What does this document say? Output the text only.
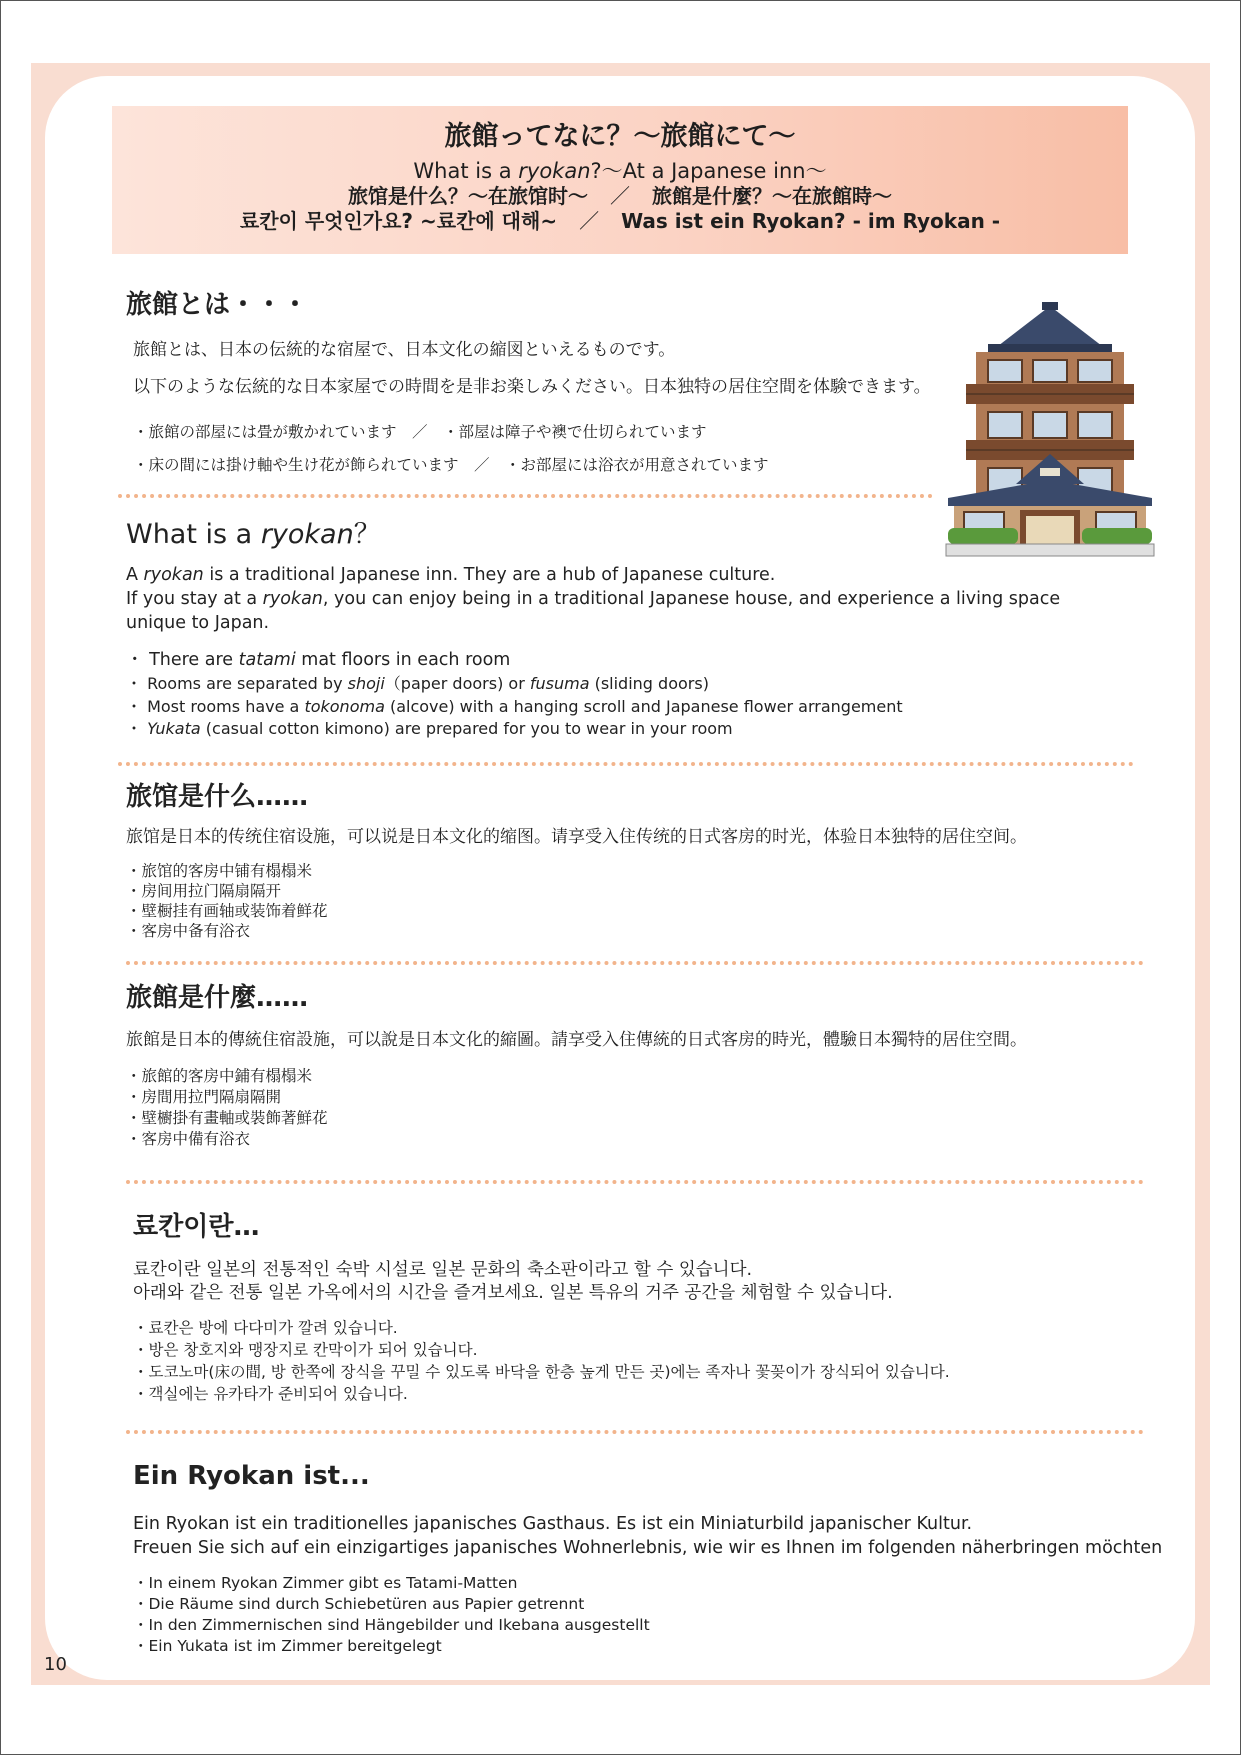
旅館ってなに？～旅館にて～
What is a ryokan?～At a Japanese inn～
旅馆是什么？～在旅馆时～ ／ 旅館是什麼？～在旅館時～
료칸이 무엇인가요? ~료칸에 대해~ ／ Was ist ein Ryokan? - im Ryokan -
旅館とは・・・
旅館とは、日本の伝統的な宿屋で、日本文化の縮図といえるものです。
以下のような伝統的な日本家屋での時間を是非お楽しみください。日本独特の居住空間を体験できます。
・旅館の部屋には畳が敷かれています　／　・部屋は障子や襖で仕切られています
・床の間には掛け軸や生け花が飾られています　／　・お部屋には浴衣が用意されています
What is a ryokan？
A ryokan is a traditional Japanese inn. They are a hub of Japanese culture.
If you stay at a ryokan, you can enjoy being in a traditional Japanese house, and experience a living space
unique to Japan.
・ There are tatami mat floors in each room
・ Rooms are separated by shoji（paper doors) or fusuma (sliding doors)
・ Most rooms have a tokonoma (alcove) with a hanging scroll and Japanese flower arrangement
・ Yukata (casual cotton kimono) are prepared for you to wear in your room
旅馆是什么……
旅馆是日本的传统住宿设施，可以说是日本文化的缩图。请享受入住传统的日式客房的时光，体验日本独特的居住空间。
・旅馆的客房中铺有榻榻米
・房间用拉门隔扇隔开
・壁橱挂有画轴或装饰着鲜花
・客房中备有浴衣
旅館是什麼……
旅館是日本的傳統住宿設施，可以說是日本文化的縮圖。請享受入住傳統的日式客房的時光，體驗日本獨特的居住空間。
・旅館的客房中鋪有榻榻米
・房間用拉門隔扇隔開
・壁櫥掛有畫軸或裝飾著鮮花
・客房中備有浴衣
료칸이란…
료칸이란 일본의 전통적인 숙박 시설로 일본 문화의 축소판이라고 할 수 있습니다.
아래와 같은 전통 일본 가옥에서의 시간을 즐겨보세요. 일본 특유의 거주 공간을 체험할 수 있습니다.
・료칸은 방에 다다미가 깔려 있습니다.
・방은 창호지와 맹장지로 칸막이가 되어 있습니다.
・도코노마(床の間, 방 한쪽에 장식을 꾸밀 수 있도록 바닥을 한층 높게 만든 곳)에는 족자나 꽃꽂이가 장식되어 있습니다.
・객실에는 유카타가 준비되어 있습니다.
Ein Ryokan ist...
Ein Ryokan ist ein traditionelles japanisches Gasthaus. Es ist ein Miniaturbild japanischer Kultur.
Freuen Sie sich auf ein einzigartiges japanisches Wohnerlebnis, wie wir es Ihnen im folgenden näherbringen möchten
・In einem Ryokan Zimmer gibt es Tatami-Matten
・Die Räume sind durch Schiebetüren aus Papier getrennt
・In den Zimmernischen sind Hängebilder und Ikebana ausgestellt
・Ein Yukata ist im Zimmer bereitgelegt
10
